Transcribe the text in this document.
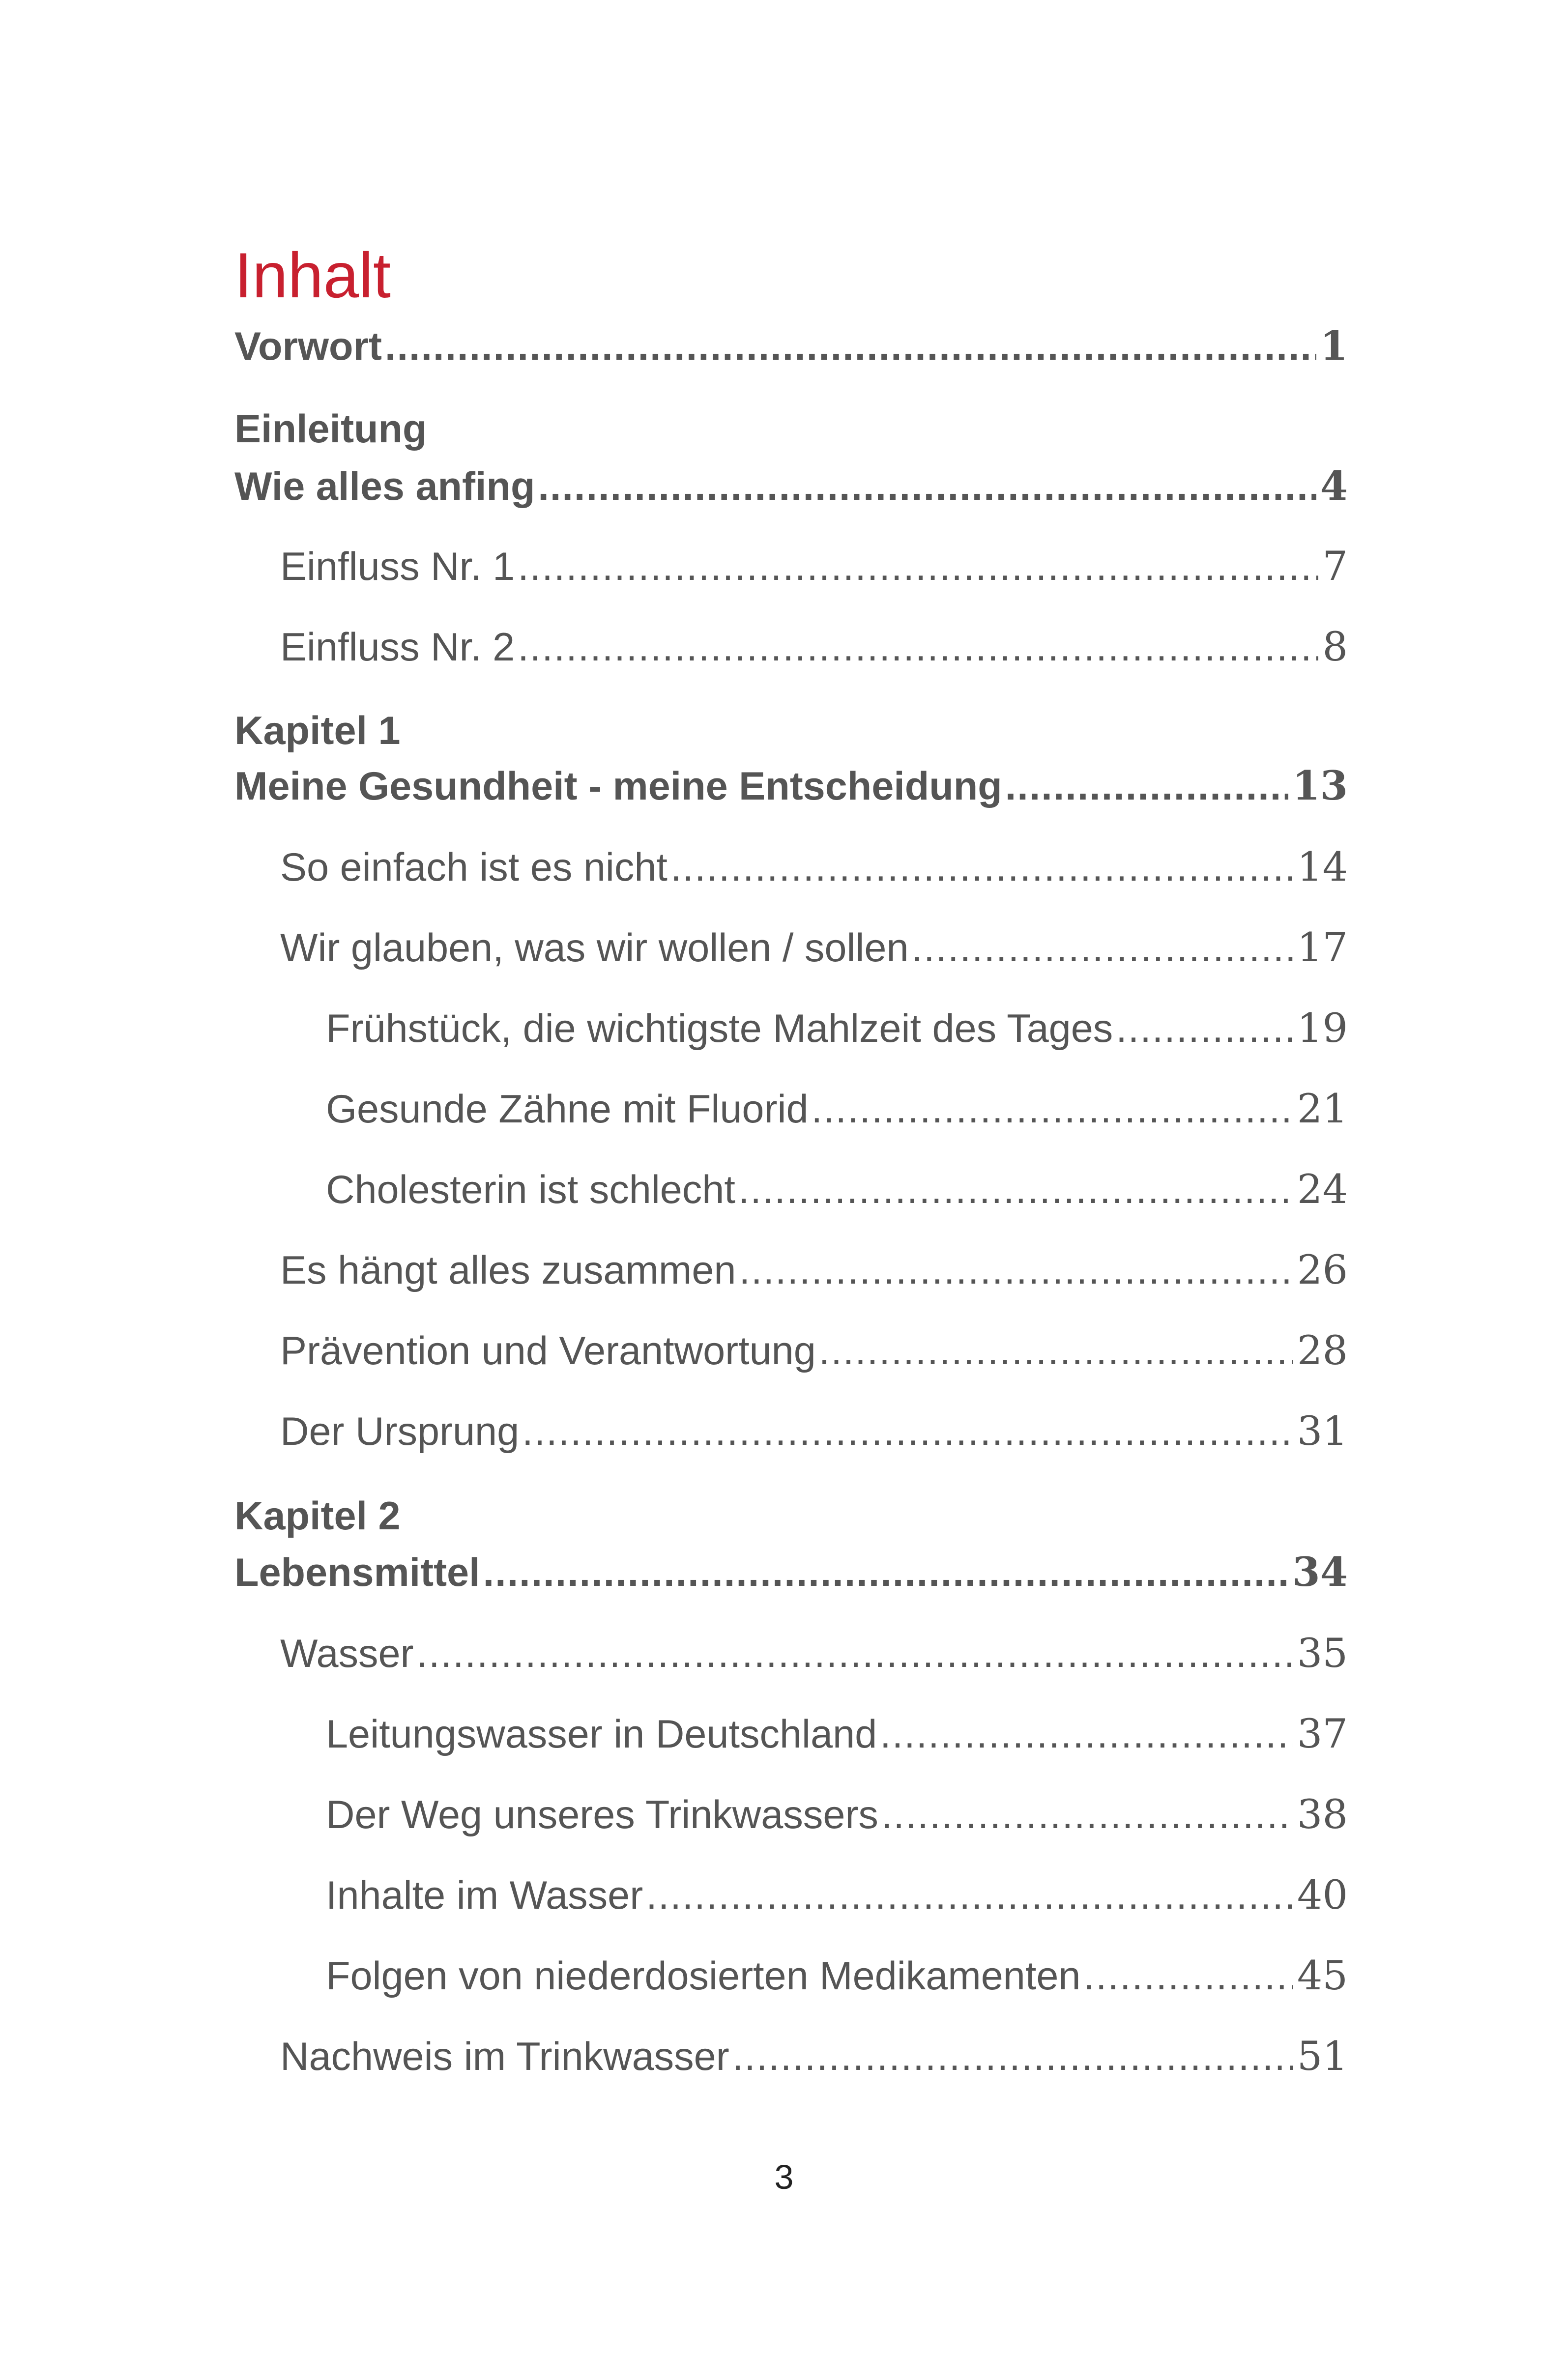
Inhalt
Vorwort .....	1
Einleitung
Wie alles anfing .....	4
Einfluss Nr. 1 .....	7
Einfluss Nr. 2 .....	8
Kapitel 1
Meine Gesundheit - meine Entscheidung .....	13
So einfach ist es nicht .....	14
Wir glauben, was wir wollen / sollen .....	17
Frühstück, die wichtigste Mahlzeit des Tages .....	19
Gesunde Zähne mit Fluorid .....	21
Cholesterin ist schlecht .....	24
Es hängt alles zusammen .....	26
Prävention und Verantwortung .....	28
Der Ursprung .....	31
Kapitel 2
Lebensmittel .....	34
Wasser .....	35
Leitungswasser in Deutschland .....	37
Der Weg unseres Trinkwassers .....	38
Inhalte im Wasser .....	40
Folgen von niederdosierten Medikamenten .....	45
Nachweis im Trinkwasser .....	51
3
